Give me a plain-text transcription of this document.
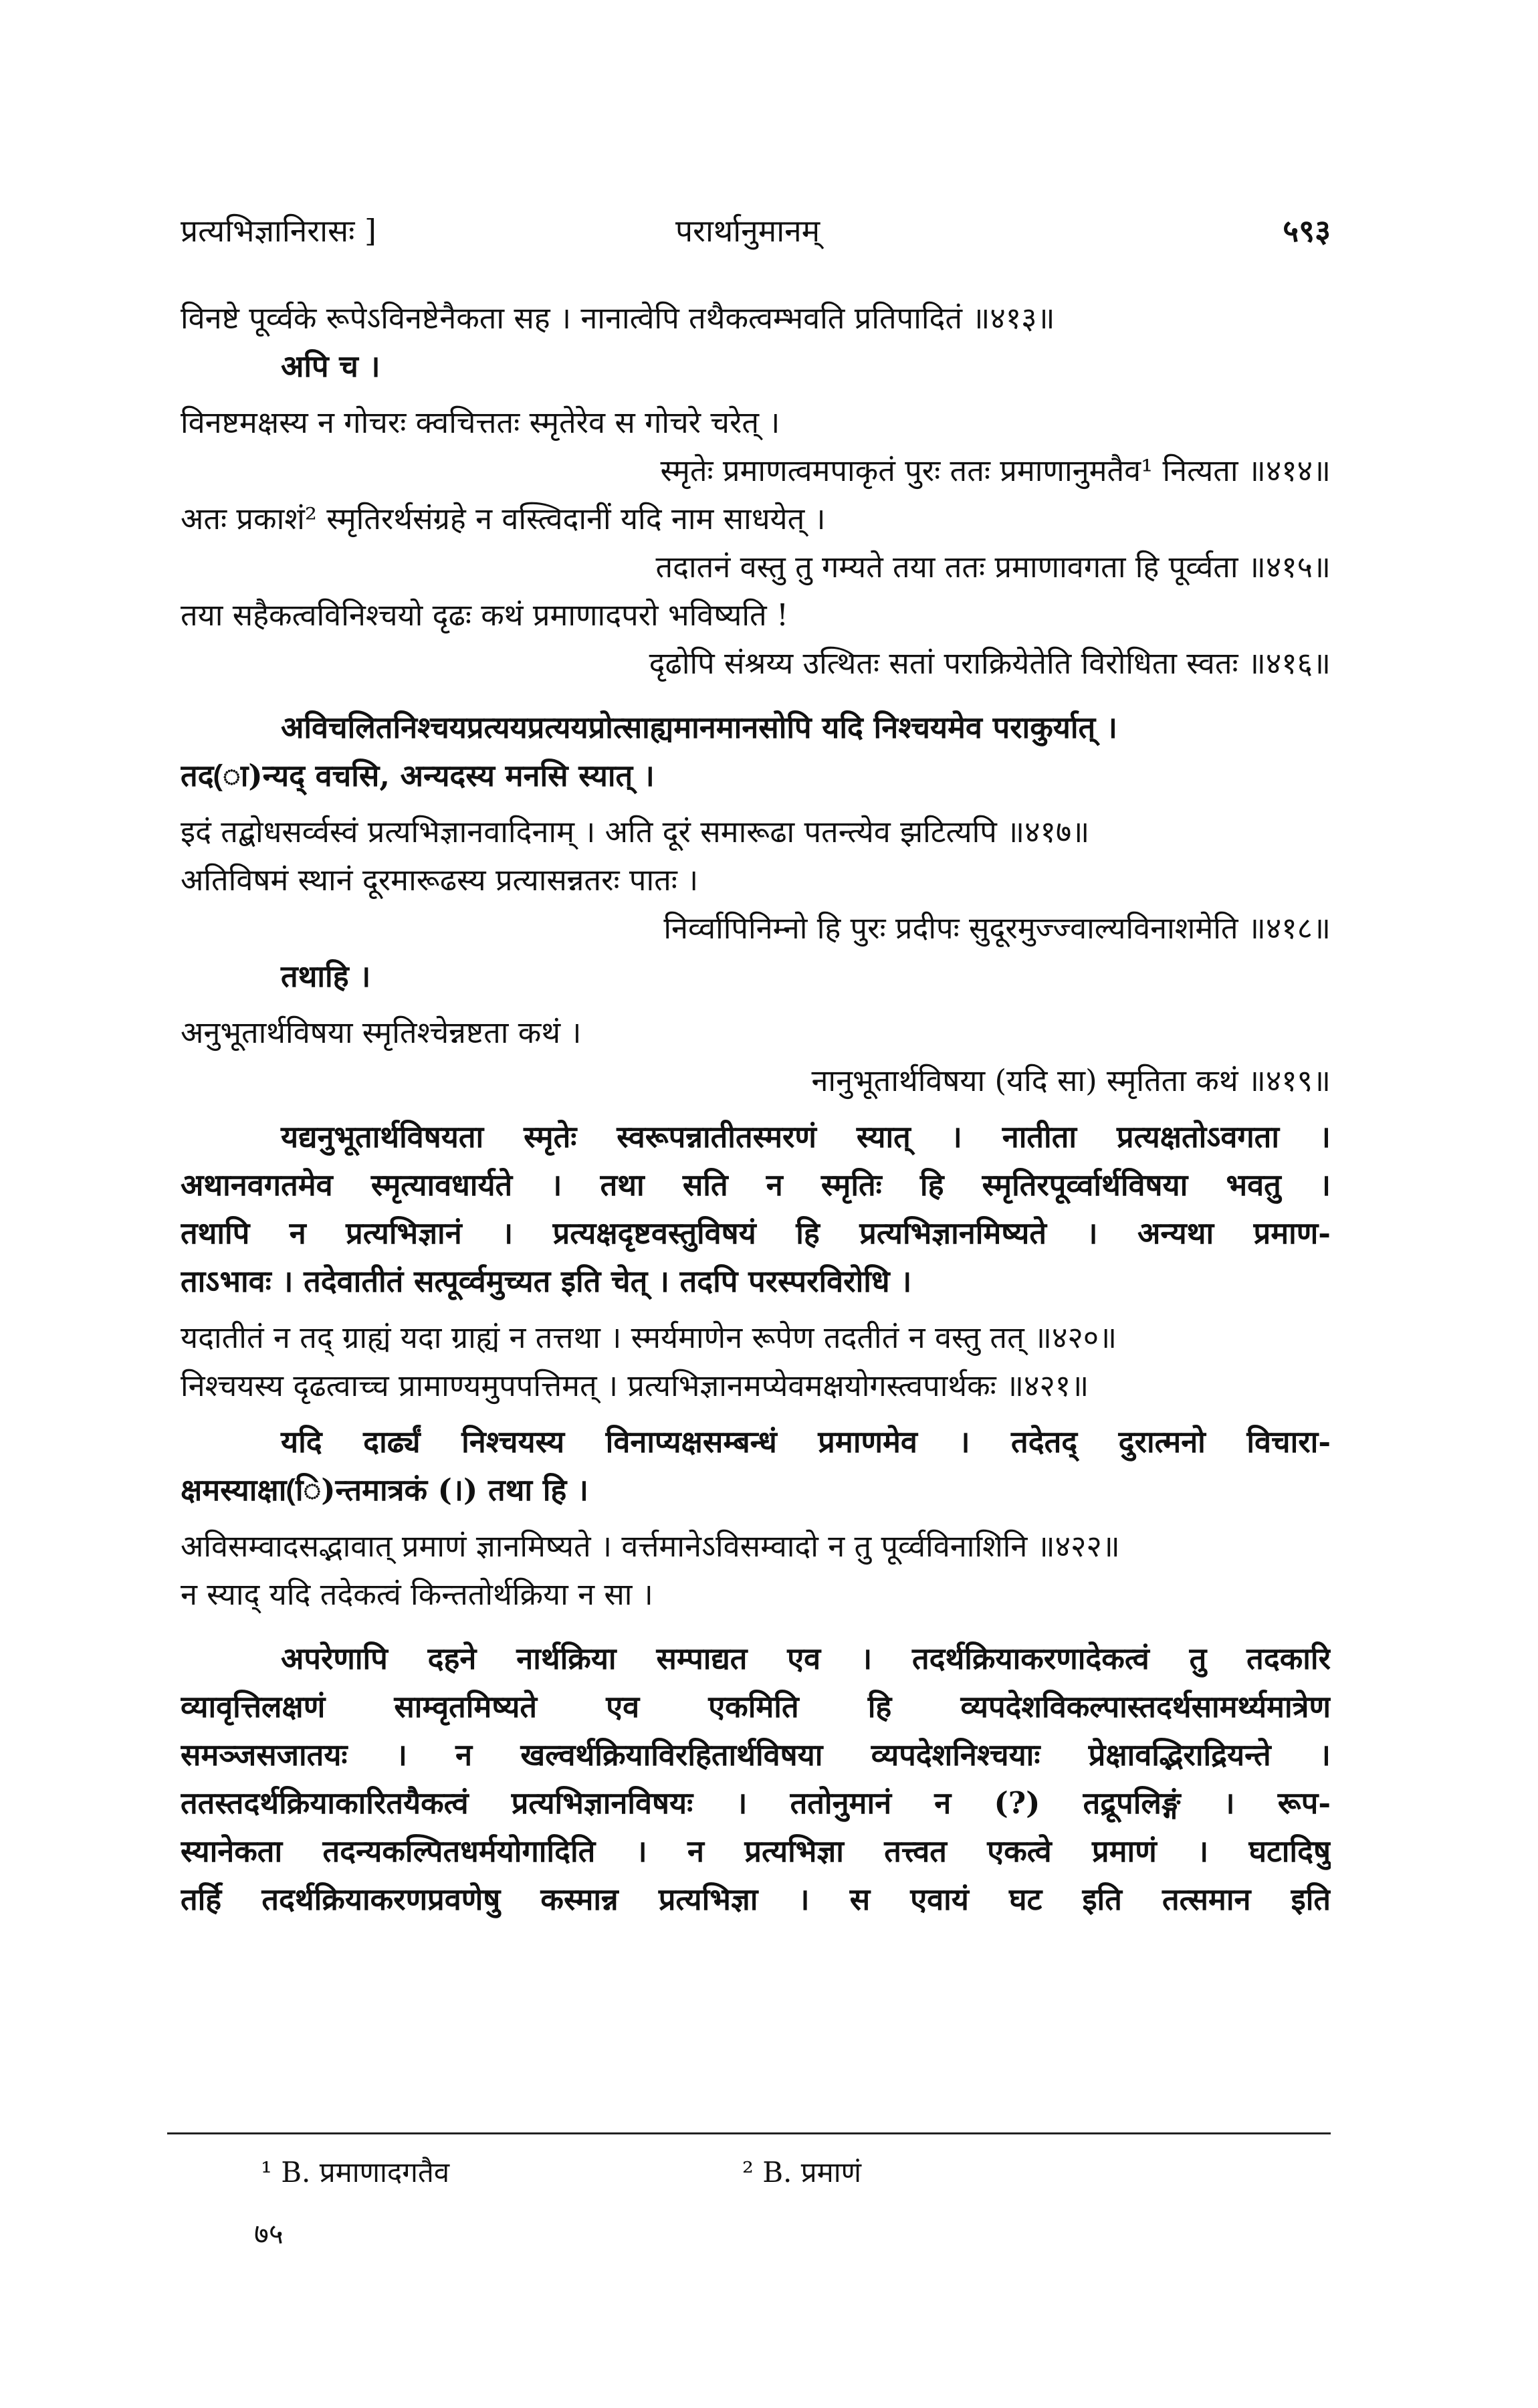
प्रत्यभिज्ञानिरासः ]	परार्थानुमानम्	५९३
विनष्टे पूर्व्वके रूपेऽविनष्टेनैकता सह । नानात्वेपि तथैकत्वम्भवति प्रतिपादितं ॥४१३॥
अपि च ।
विनष्टमक्षस्य न गोचरः क्वचित्ततः स्मृतेरेव स गोचरे चरेत् ।
स्मृतेः प्रमाणत्वमपाकृतं पुरः ततः प्रमाणानुमतैव¹ नित्यता ॥४१४॥
अतः प्रकाशं² स्मृतिरर्थसंग्रहे न वस्त्विदानीं यदि नाम साधयेत् ।
तदातनं वस्तु तु गम्यते तया ततः प्रमाणावगता हि पूर्व्वता ॥४१५॥
तया सहैकत्वविनिश्चयो दृढः कथं प्रमाणादपरो भविष्यति !
दृढोपि संश्रय्य उत्थितः सतां पराक्रियेतेति विरोधिता स्वतः ॥४१६॥
अविचलितनिश्चयप्रत्ययप्रत्ययप्रोत्साह्यमानमानसोपि यदि निश्चयमेव पराकुर्यात् ।
तद(ा)न्यद् वचसि, अन्यदस्य मनसि स्यात् ।
इदं तद्बोधसर्व्वस्वं प्रत्यभिज्ञानवादिनाम् । अति दूरं समारूढा पतन्त्येव झटित्यपि ॥४१७॥
अतिविषमं स्थानं दूरमारूढस्य प्रत्यासन्नतरः पातः ।
निर्व्वापिनिम्नो हि पुरः प्रदीपः सुदूरमुज्ज्वाल्यविनाशमेति ॥४१८॥
तथाहि ।
अनुभूतार्थविषया स्मृतिश्चेन्नष्टता कथं ।
नानुभूतार्थविषया (यदि सा) स्मृतिता कथं ॥४१९॥
यद्यनुभूतार्थविषयता स्मृतेः स्वरूपन्नातीतस्मरणं स्यात् । नातीता प्रत्यक्षतोऽवगता ।
अथानवगतमेव स्मृत्यावधार्यते । तथा सति न स्मृतिः हि स्मृतिरपूर्व्वार्थविषया भवतु ।
तथापि न प्रत्यभिज्ञानं । प्रत्यक्षदृष्टवस्तुविषयं हि प्रत्यभिज्ञानमिष्यते । अन्यथा प्रमाण-
ताऽभावः । तदेवातीतं सत्पूर्व्वमुच्यत इति चेत् । तदपि परस्परविरोधि ।
यदातीतं न तद् ग्राह्यं यदा ग्राह्यं न तत्तथा । स्मर्यमाणेन रूपेण तदतीतं न वस्तु तत् ॥४२०॥
निश्चयस्य दृढत्वाच्च प्रामाण्यमुपपत्तिमत् । प्रत्यभिज्ञानमप्येवमक्षयोगस्त्वपार्थकः ॥४२१॥
यदि दार्ढ्यं निश्चयस्य विनाप्यक्षसम्बन्धं प्रमाणमेव । तदेतद् दुरात्मनो विचारा-
क्षमस्याक्षा(ि)न्तमात्रकं (।) तथा हि ।
अविसम्वादसद्भावात् प्रमाणं ज्ञानमिष्यते । वर्त्तमानेऽविसम्वादो न तु पूर्व्वविनाशिनि ॥४२२॥
न स्याद् यदि तदेकत्वं किन्ततोर्थक्रिया न सा ।
अपरेणापि दहने नार्थक्रिया सम्पाद्यत एव । तदर्थक्रियाकरणादेकत्वं तु तदकारि
व्यावृत्तिलक्षणं साम्वृतमिष्यते एव एकमिति हि व्यपदेशविकल्पास्तदर्थसामर्थ्यमात्रेण
समञ्जसजातयः । न खल्वर्थक्रियाविरहितार्थविषया व्यपदेशनिश्चयाः प्रेक्षावद्भिराद्रियन्ते ।
ततस्तदर्थक्रियाकारितयैकत्वं प्रत्यभिज्ञानविषयः । ततोनुमानं न (?) तद्रूपलिङ्गं । रूप-
स्यानेकता तदन्यकल्पितधर्मयोगादिति । न प्रत्यभिज्ञा तत्त्वत एकत्वे प्रमाणं । घटादिषु
तर्हि तदर्थक्रियाकरणप्रवणेषु कस्मान्न प्रत्यभिज्ञा । स एवायं घट इति तत्समान इति
¹ B. प्रमाणादगतैव	² B. प्रमाणं
७५
